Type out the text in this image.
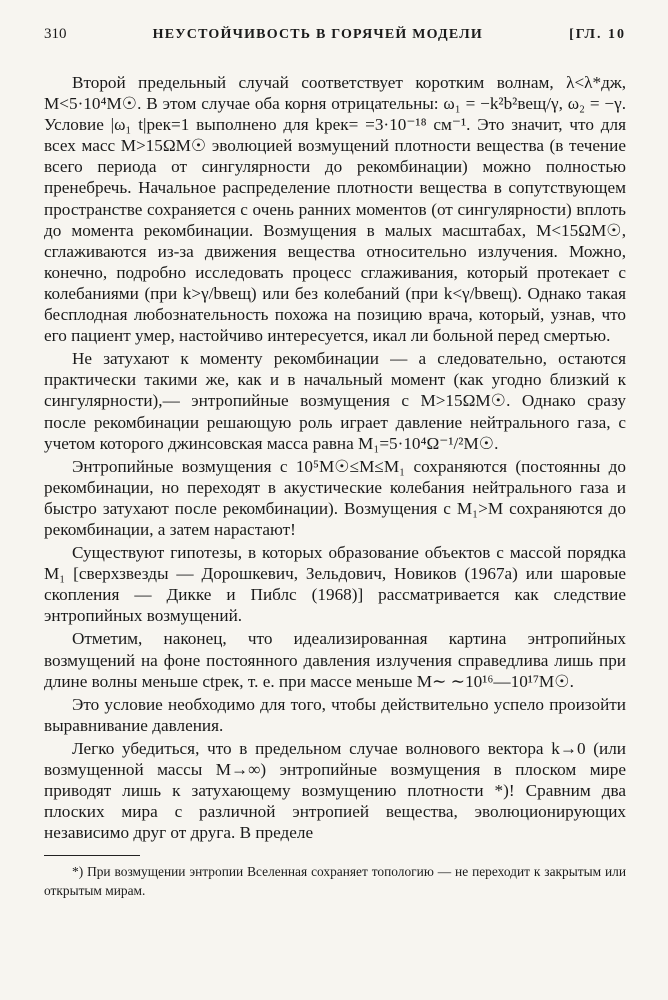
310	НЕУСТОЙЧИВОСТЬ В ГОРЯЧЕЙ МОДЕЛИ	[ГЛ. 10

Второй предельный случай соответствует коротким волнам, λ<λ*дж, M<5·10⁴M☉. В этом случае оба корня отрицательны: ω₁ = −k²b²вещ/γ, ω₂ = −γ. Условие |ω₁ t|рек=1 выполнено для kрек= =3·10⁻¹⁸ см⁻¹. Это значит, что для всех масс M>15ΩM☉ эволюцией возмущений плотности вещества (в течение всего периода от сингулярности до рекомбинации) можно полностью пренебречь. Начальное распределение плотности вещества в сопутствующем пространстве сохраняется с очень ранних моментов (от сингулярности) вплоть до момента рекомбинации. Возмущения в малых масштабах, M<15ΩM☉, сглаживаются из-за движения вещества относительно излучения. Можно, конечно, подробно исследовать процесс сглаживания, который протекает с колебаниями (при k>γ/bвещ) или без колебаний (при k<γ/bвещ). Однако такая бесплодная любознательность похожа на позицию врача, который, узнав, что его пациент умер, настойчиво интересуется, икал ли больной перед смертью.

Не затухают к моменту рекомбинации — а следовательно, остаются практически такими же, как и в начальный момент (как угодно близкий к сингулярности),— энтропийные возмущения с M>15ΩM☉. Однако сразу после рекомбинации решающую роль играет давление нейтрального газа, с учетом которого джинсовская масса равна M₁=5·10⁴Ω⁻¹/²M☉.

Энтропийные возмущения с 10⁵M☉≤M≤M₁ сохраняются (постоянны до рекомбинации, но переходят в акустические колебания нейтрального газа и быстро затухают после рекомбинации). Возмущения с M₁>M сохраняются до рекомбинации, а затем нарастают!

Существуют гипотезы, в которых образование объектов с массой порядка M₁ [сверхзвезды — Дорошкевич, Зельдович, Новиков (1967а) или шаровые скопления — Дикке и Пиблс (1968)] рассматривается как следствие энтропийных возмущений.

Отметим, наконец, что идеализированная картина энтропийных возмущений на фоне постоянного давления излучения справедлива лишь при длине волны меньше ctрек, т. е. при массе меньше M∼ ∼10¹⁶—10¹⁷M☉.

Это условие необходимо для того, чтобы действительно успело произойти выравнивание давления.

Легко убедиться, что в предельном случае волнового вектора k→0 (или возмущенной массы M→∞) энтропийные возмущения в плоском мире приводят лишь к затухающему возмущению плотности *)! Сравним два плоских мира с различной энтропией вещества, эволюционирующих независимо друг от друга. В пределе

*) При возмущении энтропии Вселенная сохраняет топологию — не переходит к закрытым или открытым мирам.
